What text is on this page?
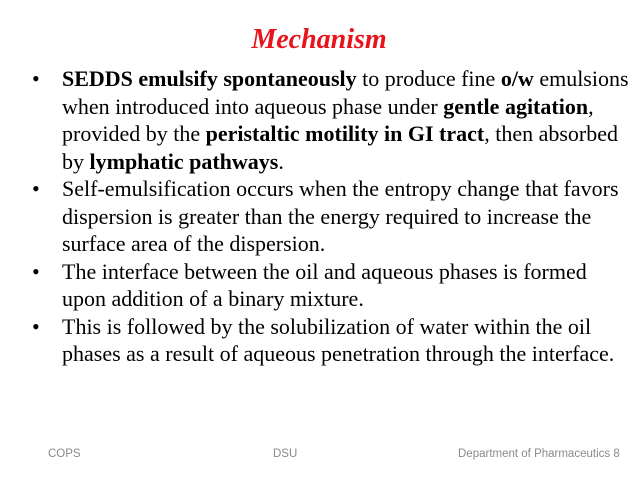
Mechanism
• SEDDS emulsify spontaneously to produce fine o/w emulsions when introduced into aqueous phase under gentle agitation, provided by the peristaltic motility in GI tract, then absorbed by lymphatic pathways.
• Self-emulsification occurs when the entropy change that favors dispersion is greater than the energy required to increase the surface area of the dispersion.
• The interface between the oil and aqueous phases is formed upon addition of a binary mixture.
• This is followed by the solubilization of water within the oil phases as a result of aqueous penetration through the interface.
COPS	DSU	Department of Pharmaceutics 8
